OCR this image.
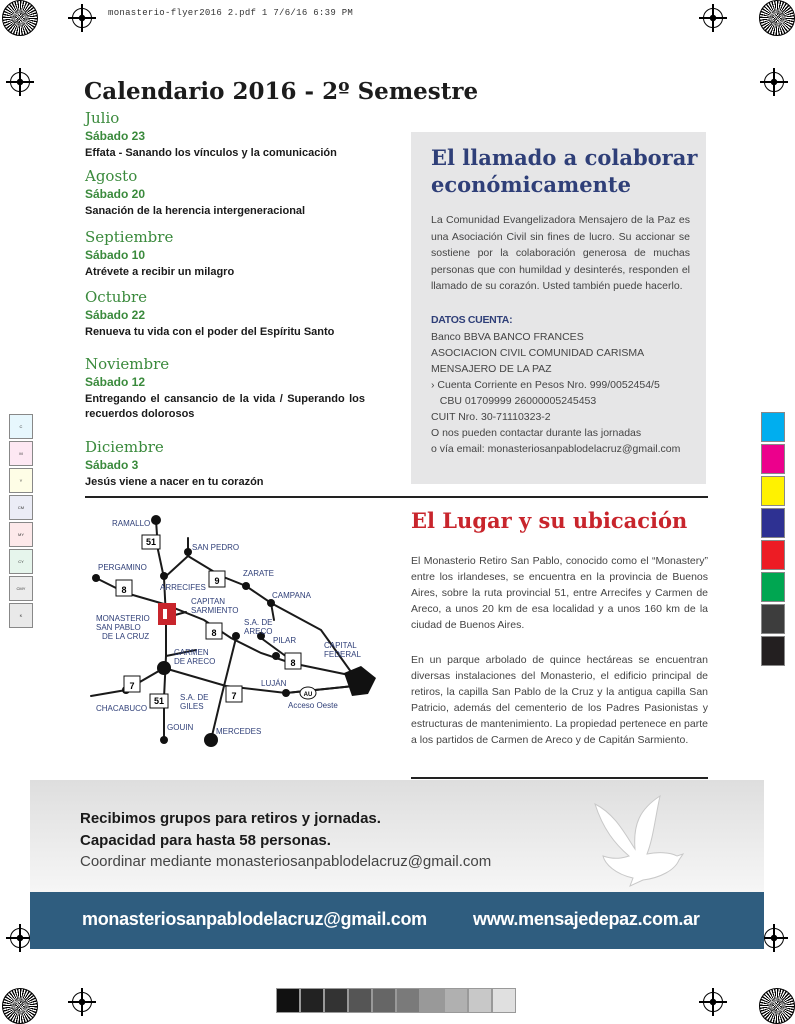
monasterio-flyer2016 2.pdf 1 7/6/16 6:39 PM
C
M
Y
CM
MY
CY
CMY
K
Calendario 2016 - 2º Semestre

Julio

Sábado 23

Effata - Sanando los vínculos y la comunicación

Agosto

Sábado 20

Sanación de la herencia intergeneracional

Septiembre

Sábado 10

Atrévete a recibir un milagro

Octubre

Sábado 22

Renueva tu vida con el poder del Espíritu Santo

Noviembre

Sábado 12

Entregando el cansancio de la vida / Superando los recuerdos dolorosos

Diciembre

Sábado 3

Jesús viene a nacer en tu corazón

El llamado a colaborar económicamente

La Comunidad Evangelizadora Mensajero de la Paz es una Asociación Civil sin fines de lucro. Su accionar se sostiene por la colaboración generosa de muchas personas que con humildad y desinterés, responden el llamado de su corazón. Usted también puede hacerlo.

DATOS CUENTA:

Banco BBVA BANCO FRANCES
ASOCIACION CIVIL COMUNIDAD CARISMA
MENSAJERO DE LA PAZ
› Cuenta Corriente en Pesos Nro. 999/0052454/5
CBU 01709999 26000005245453
CUIT Nro. 30-71110323-2
O nos pueden contactar durante las jornadas
o vía email: monasteriosanpablodelacruz@gmail.com
El Lugar y su ubicación

El Monasterio Retiro San Pablo, conocido como el “Monastery” entre los irlandeses, se encuentra en la provincia de Buenos Aires, sobre la ruta provincial 51, entre Arrecifes y Carmen de Areco, a unos 20 km de esa localidad y a unos 160 km de la ciudad de Buenos Aires.

En un parque arbolado de quince hectáreas se encuentran diversas instalaciones del Monasterio, el edificio principal de retiros, la capilla San Pablo de la Cruz y la antigua capilla San Patricio, además del cementerio de los Padres Pasionistas y estructuras de mantenimiento. La propiedad pertenece en parte a los partidos de Carmen de Areco y de Capitán Sarmiento.

51
9
8
8
8
7
7
51
AU
RAMALLO
SAN PEDRO
PERGAMINO
ZARATE
ARRECIFES
CAMPANA
CAPITAN
SARMIENTO
MONASTERIO
SAN PABLO
DE LA CRUZ
S.A. DE
ARECO
PILAR
CAPITAL
FEDERAL
CARMEN
DE ARECO
LUJÁN
CHACABUCO
S.A. DE
GILES	Acceso Oeste
GOUIN	MERCEDES

Recibimos grupos para retiros y jornadas.

Capacidad para hasta 58 personas.

Coordinar mediante monasteriosanpablodelacruz@gmail.com

monasteriosanpablodelacruz@gmail.com	www.mensajedepaz.com.ar
